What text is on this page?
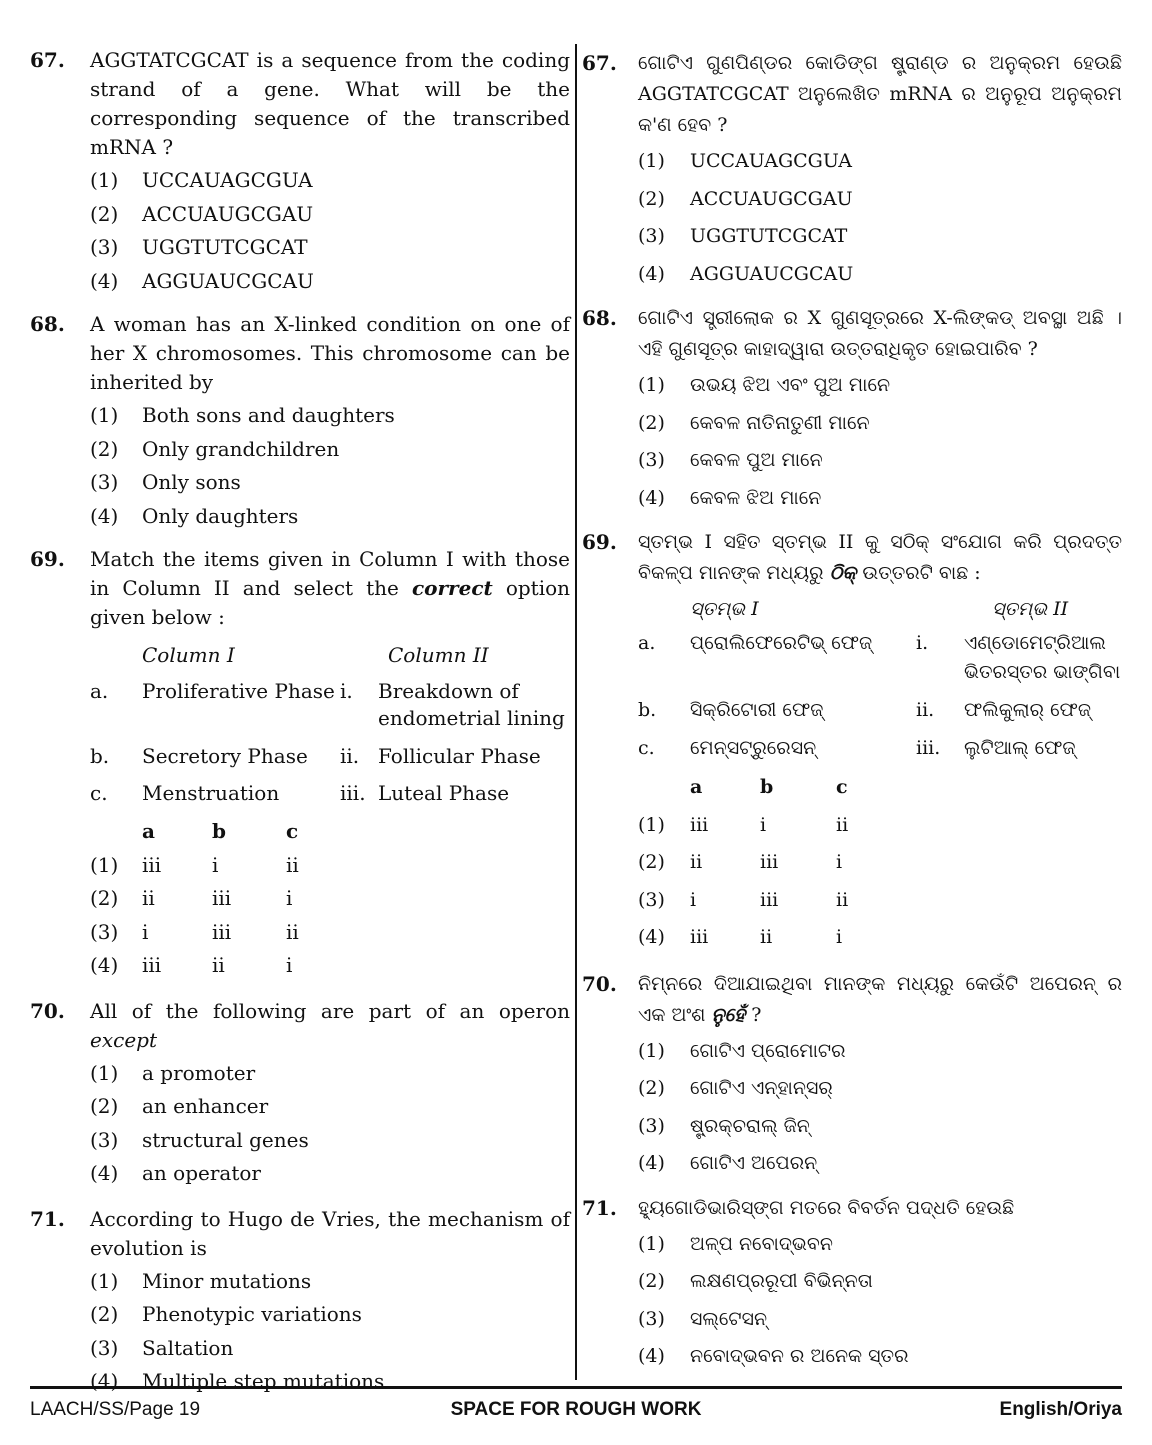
67. AGGTATCGCAT is a sequence from the coding strand of a gene. What will be the corresponding sequence of the transcribed mRNA ?
(1)	UCCAUAGCGUA
(2)	ACCUAUGCGAU
(3)	UGGTUTCGCAT
(4)	AGGUAUCGCAU
68. A woman has an X-linked condition on one of her X chromosomes. This chromosome can be inherited by
(1)	Both sons and daughters
(2)	Only grandchildren
(3)	Only sons
(4)	Only daughters
69. Match the items given in Column I with those in Column II and select the correct option given below :
Column I	Column II
a.	Proliferative Phase i.	Breakdown of endometrial lining
b.	Secretory Phase	ii. Follicular Phase
c.	Menstruation	iii. Luteal Phase
a	b	c
(1)	iii	i	ii
(2)	ii	iii	i
(3)	i	iii	ii
(4)	iii	ii	i
70. All of the following are part of an operon except
(1)	a promoter
(2)	an enhancer
(3)	structural genes
(4)	an operator
71. According to Hugo de Vries, the mechanism of evolution is
(1)	Minor mutations
(2)	Phenotypic variations
(3)	Saltation
(4)	Multiple step mutations
67. ଗୋଟିଏ ଗୁଣପିଣ୍ଡର କୋଡିଙ୍ଗ ଷ୍ଟ୍ରାଣ୍ଡ ର ଅନୁକ୍ରମ ହେଉଛି AGGTATCGCAT ଅନୁଲେଖିତ mRNA ର ଅନୁରୂପ ଅନୁକ୍ରମ କ'ଣ ହେବ ?
(1)	UCCAUAGCGUA
(2)	ACCUAUGCGAU
(3)	UGGTUTCGCAT
(4)	AGGUAUCGCAU
68. ଗୋଟିଏ ସ୍ତ୍ରୀଲୋକ ର X ଗୁଣସୂତ୍ରରେ X-ଲିଙ୍କଡ୍ ଅବସ୍ଥା ଅଛି । ଏହି ଗୁଣସୂତ୍ର କାହାଦ୍ୱାରା ଉତ୍ତରାଧିକୃତ ହୋଇପାରିବ ?
(1)	ଉଭୟ ଝିଅ ଏବଂ ପୁଅ ମାନେ
(2)	କେବଳ ନାତିନାତୁଣୀ ମାନେ
(3)	କେବଳ ପୁଅ ମାନେ
(4)	କେବଳ ଝିଅ ମାନେ
69. ସ୍ତମ୍ଭ I ସହିତ ସ୍ତମ୍ଭ II କୁ ସଠିକ୍ ସଂଯୋଗ କରି ପ୍ରଦତ୍ତ ବିକଳ୍ପ ମାନଙ୍କ ମଧ୍ୟରୁ ଠିକ୍ ଉତ୍ତରଟି ବାଛ :
ସ୍ତମ୍ଭ I	ସ୍ତମ୍ଭ II
a.	ପ୍ରୋଲିଫେରେଟିଭ୍ ଫେଜ୍	i.	ଏଣ୍ଡୋମେଟ୍ରିଆଲ ଭିତରସ୍ତର ଭାଙ୍ଗିବା
b.	ସିକ୍ରିଟୋରୀ ଫେଜ୍	ii.	ଫଲିକୁଲାର୍ ଫେଜ୍
c.	ମେନ୍ସଟ୍ରୁରେସନ୍	iii.	ଲୁଟିଆଲ୍ ଫେଜ୍
a	b	c
(1)	iii	i	ii
(2)	ii	iii	i
(3)	i	iii	ii
(4)	iii	ii	i
70. ନିମ୍ନରେ ଦିଆଯାଇଥିବା ମାନଙ୍କ ମଧ୍ୟରୁ କେଉଁଟି ଅପେରନ୍ ର ଏକ ଅଂଶ ନୁହେଁ ?
(1)	ଗୋଟିଏ ପ୍ରୋମୋଟର
(2)	ଗୋଟିଏ ଏନ୍ହାନ୍ସର୍
(3)	ଷ୍ଟ୍ରକ୍ଚରାଲ୍ ଜିନ୍
(4)	ଗୋଟିଏ ଅପେରନ୍
71. ହ୍ୟୁଗୋଡିଭାରିସ୍ଙ୍ଗ ମତରେ ବିବର୍ତନ ପଦ୍ଧତି ହେଉଛି
(1)	ଅଳ୍ପ ନବୋଦ୍ଭବନ
(2)	ଲକ୍ଷଣପ୍ରରୂପୀ ବିଭିନ୍ନତା
(3)	ସଲ୍ଟେସନ୍
(4)	ନବୋଦ୍ଭବନ ର ଅନେକ ସ୍ତର
LAACH/SS/Page 19	SPACE FOR ROUGH WORK	English/Oriya
